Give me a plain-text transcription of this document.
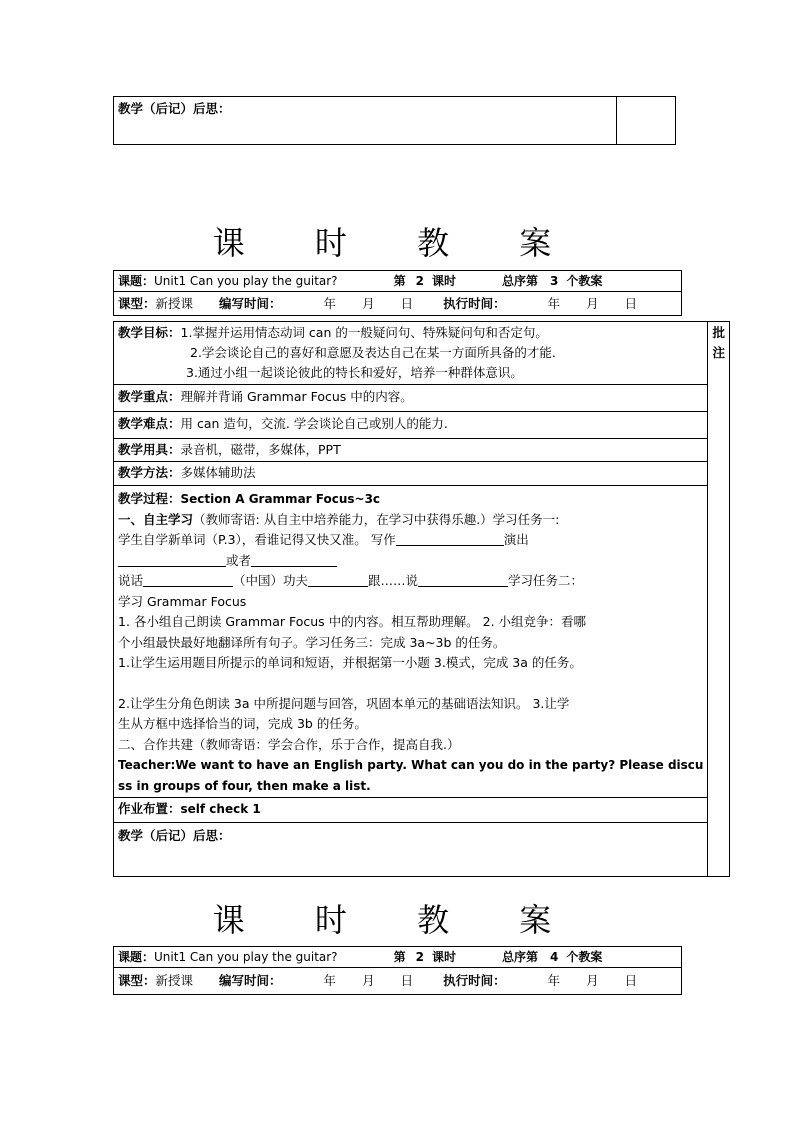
教学（后记）后思：

课 时 教 案
课题：Unit1 Can you play the guitar?	第 2 课时	总序第 3 个教案
课型：新授课 编写时间：	年 月 日 执行时间：	年 月 日
教学目标：1.掌握并运用情态动词 can 的一般疑问句、特殊疑问句和否定句。
2.学会谈论自己的喜好和意愿及表达自己在某一方面所具备的才能.
3.通过小组一起谈论彼此的特长和爱好，培养一种群体意识。

批注

教学重点：理解并背诵 Grammar Focus 中的内容。
教学难点：用 can 造句，交流. 学会谈论自己或别人的能力.
教学用具：录音机，磁带，多媒体，PPT
教学方法：多媒体辅助法

教学过程：Section A Grammar Focus~3c
一、自主学习（教师寄语: 从自主中培养能力，在学习中获得乐趣.）学习任务一:
学生自学新单词（P.3），看谁记得又快又准。 写作	演出
或者
说话	（中国）功夫	跟……说	学习任务二：
学习 Grammar Focus
1. 各小组自己朗读 Grammar Focus 中的内容。相互帮助理解。 2. 小组竞争：看哪
个小组最快最好地翻译所有句子。学习任务三：完成 3a~3b 的任务。
1.让学生运用题目所提示的单词和短语，并根据第一小题 3.模式，完成 3a 的任务。
2.让学生分角色朗读 3a 中所提问题与回答，巩固本单元的基础语法知识。 3.让学
生从方框中选择恰当的词，完成 3b 的任务。
二、合作共建（教师寄语：学会合作，乐于合作，提高自我.）
Teacher:We want to have an English party. What can you do in the party? Please discu
ss in groups of four, then make a list.

作业布置：self check 1
教学（后记）后思：
课 时 教 案
课题：Unit1 Can you play the guitar?	第 2 课时	总序第 4 个教案
课型：新授课 编写时间：	年 月 日 执行时间：	年 月 日
